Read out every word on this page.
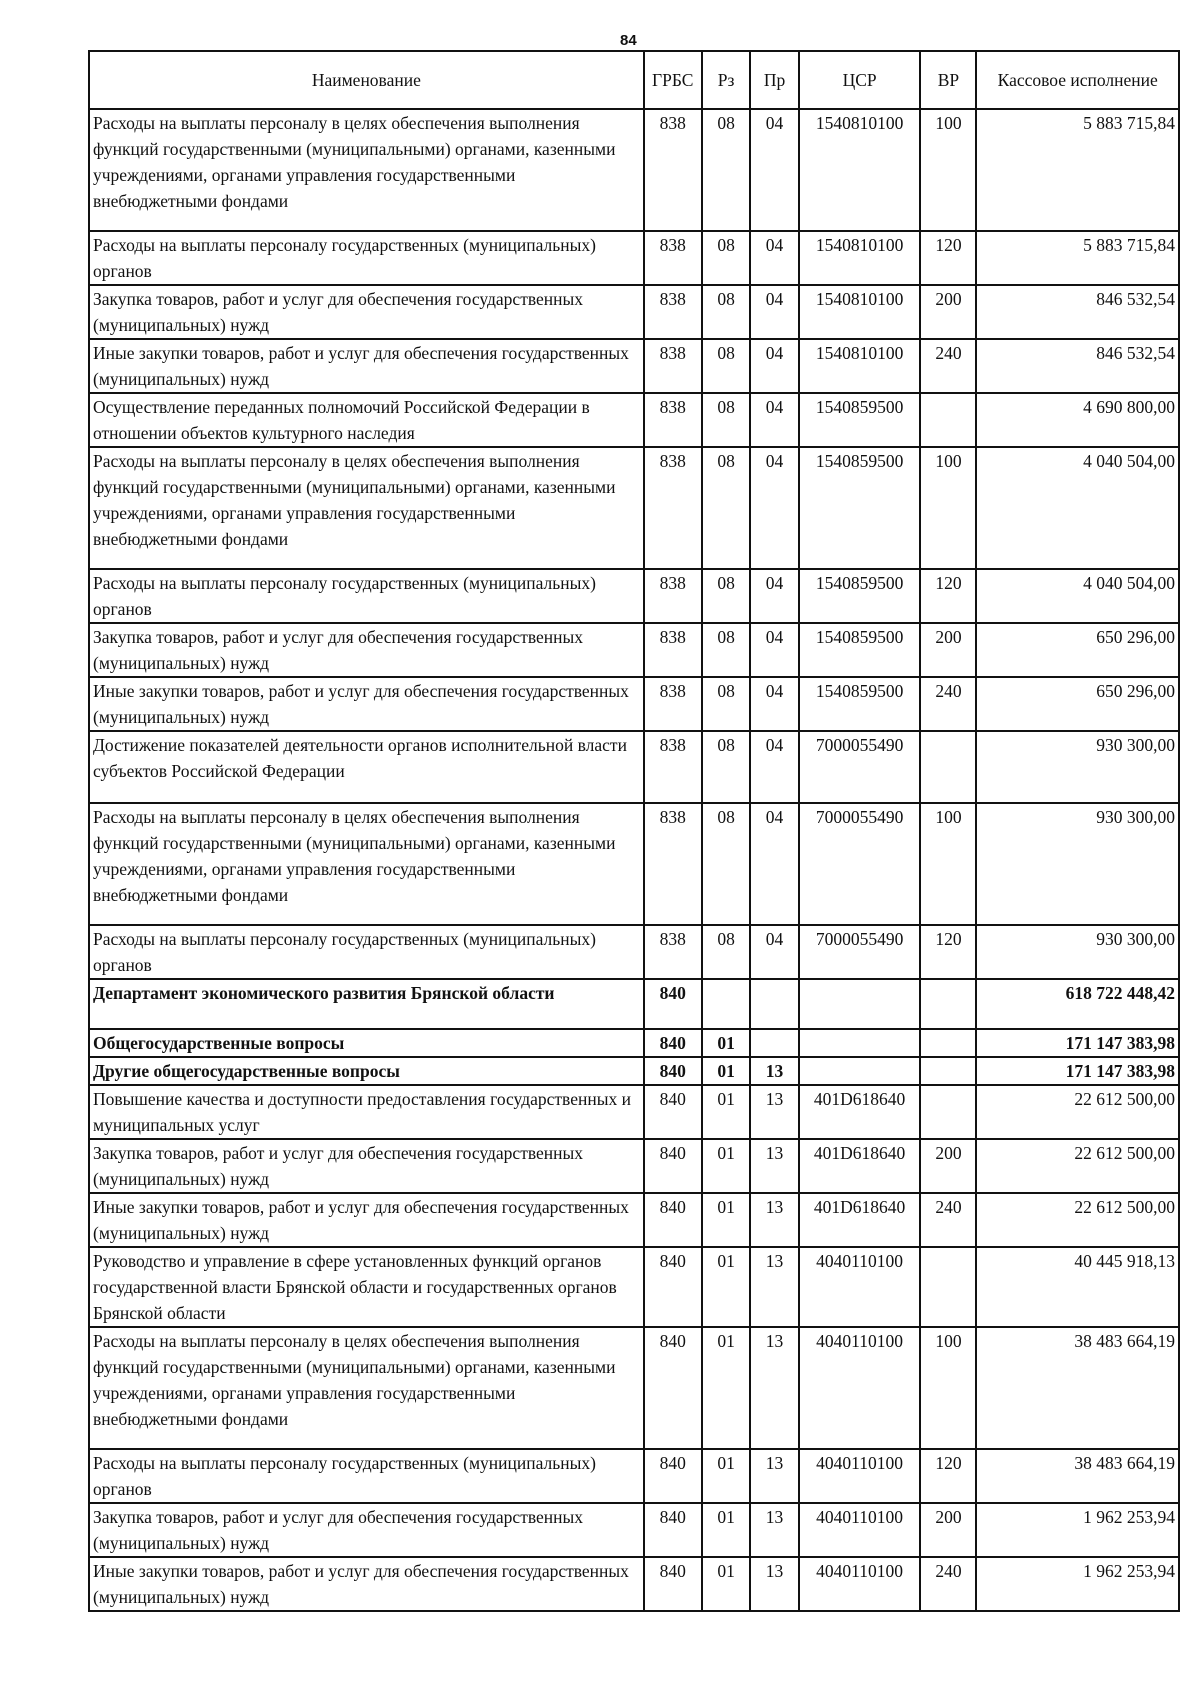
84
Наименование	ГРБС	Рз	Пр	ЦСР	ВР	Кассовое исполнение
Расходы на выплаты персоналу в целях обеспечения выполнения функций государственными (муниципальными) органами, казенными учреждениями, органами управления государственными внебюджетными фондами	838	08	04	1540810100	100	5 883 715,84
Расходы на выплаты персоналу государственных (муниципальных) органов	838	08	04	1540810100	120	5 883 715,84
Закупка товаров, работ и услуг для обеспечения государственных (муниципальных) нужд	838	08	04	1540810100	200	846 532,54
Иные закупки товаров, работ и услуг для обеспечения государственных (муниципальных) нужд	838	08	04	1540810100	240	846 532,54
Осуществление переданных полномочий Российской Федерации в отношении объектов культурного наследия	838	08	04	1540859500		4 690 800,00
Расходы на выплаты персоналу в целях обеспечения выполнения функций государственными (муниципальными) органами, казенными учреждениями, органами управления государственными внебюджетными фондами	838	08	04	1540859500	100	4 040 504,00
Расходы на выплаты персоналу государственных (муниципальных) органов	838	08	04	1540859500	120	4 040 504,00
Закупка товаров, работ и услуг для обеспечения государственных (муниципальных) нужд	838	08	04	1540859500	200	650 296,00
Иные закупки товаров, работ и услуг для обеспечения государственных (муниципальных) нужд	838	08	04	1540859500	240	650 296,00
Достижение показателей деятельности органов исполнительной власти субъектов Российской Федерации	838	08	04	7000055490		930 300,00
Расходы на выплаты персоналу в целях обеспечения выполнения функций государственными (муниципальными) органами, казенными учреждениями, органами управления государственными внебюджетными фондами	838	08	04	7000055490	100	930 300,00
Расходы на выплаты персоналу государственных (муниципальных) органов	838	08	04	7000055490	120	930 300,00
Департамент экономического развития Брянской области	840					618 722 448,42
Общегосударственные вопросы	840	01				171 147 383,98
Другие общегосударственные вопросы	840	01	13			171 147 383,98
Повышение качества и доступности предоставления государственных и муниципальных услуг	840	01	13	401D618640		22 612 500,00
Закупка товаров, работ и услуг для обеспечения государственных (муниципальных) нужд	840	01	13	401D618640	200	22 612 500,00
Иные закупки товаров, работ и услуг для обеспечения государственных (муниципальных) нужд	840	01	13	401D618640	240	22 612 500,00
Руководство и управление в сфере установленных функций органов государственной власти Брянской области и государственных органов Брянской области	840	01	13	4040110100		40 445 918,13
Расходы на выплаты персоналу в целях обеспечения выполнения функций государственными (муниципальными) органами, казенными учреждениями, органами управления государственными внебюджетными фондами	840	01	13	4040110100	100	38 483 664,19
Расходы на выплаты персоналу государственных (муниципальных) органов	840	01	13	4040110100	120	38 483 664,19
Закупка товаров, работ и услуг для обеспечения государственных (муниципальных) нужд	840	01	13	4040110100	200	1 962 253,94
Иные закупки товаров, работ и услуг для обеспечения государственных (муниципальных) нужд	840	01	13	4040110100	240	1 962 253,94
